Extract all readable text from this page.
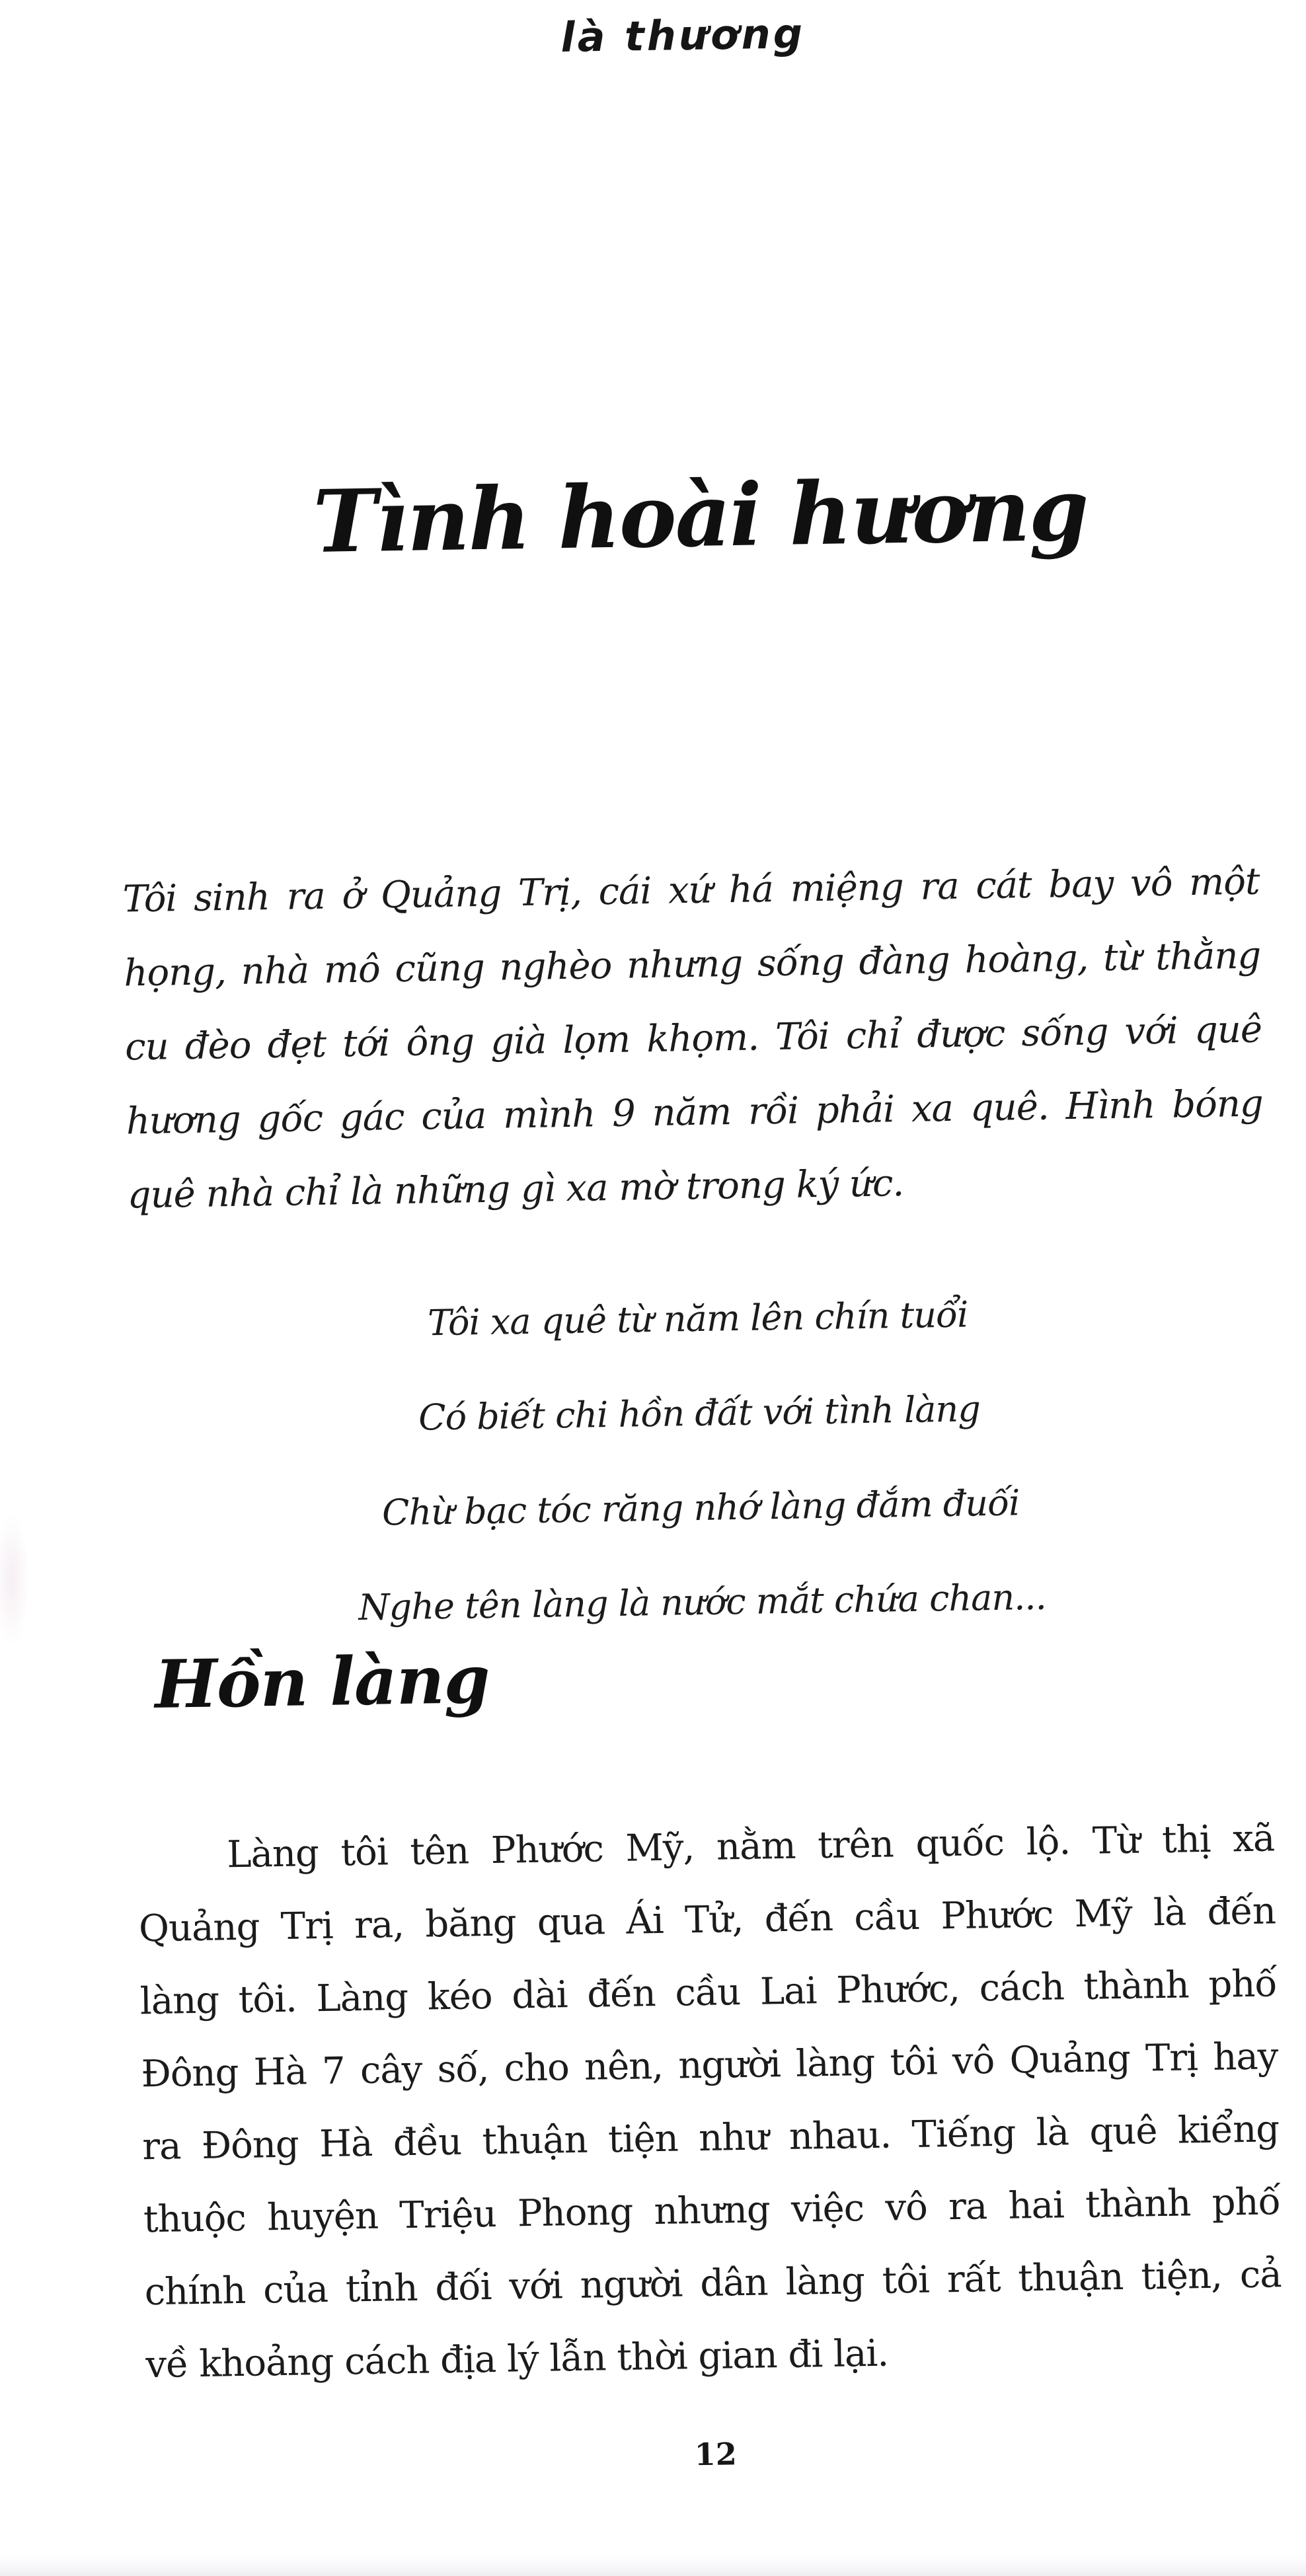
là thương
Tình hoài hương
Tôi sinh ra ở Quảng Trị, cái xứ há miệng ra cát bay vô một
họng, nhà mô cũng nghèo nhưng sống đàng hoàng, từ thằng
cu đèo đẹt tới ông già lọm khọm. Tôi chỉ được sống với quê
hương gốc gác của mình 9 năm rồi phải xa quê. Hình bóng
quê nhà chỉ là những gì xa mờ trong ký ức.
Tôi xa quê từ năm lên chín tuổi
Có biết chi hồn đất với tình làng
Chừ bạc tóc răng nhớ làng đắm đuối
Nghe tên làng là nước mắt chứa chan...
Hồn làng
Làng tôi tên Phước Mỹ, nằm trên quốc lộ. Từ thị xã
Quảng Trị ra, băng qua Ái Tử, đến cầu Phước Mỹ là đến
làng tôi. Làng kéo dài đến cầu Lai Phước, cách thành phố
Đông Hà 7 cây số, cho nên, người làng tôi vô Quảng Trị hay
ra Đông Hà đều thuận tiện như nhau. Tiếng là quê kiểng
thuộc huyện Triệu Phong nhưng việc vô ra hai thành phố
chính của tỉnh đối với người dân làng tôi rất thuận tiện, cả
về khoảng cách địa lý lẫn thời gian đi lại.
12
